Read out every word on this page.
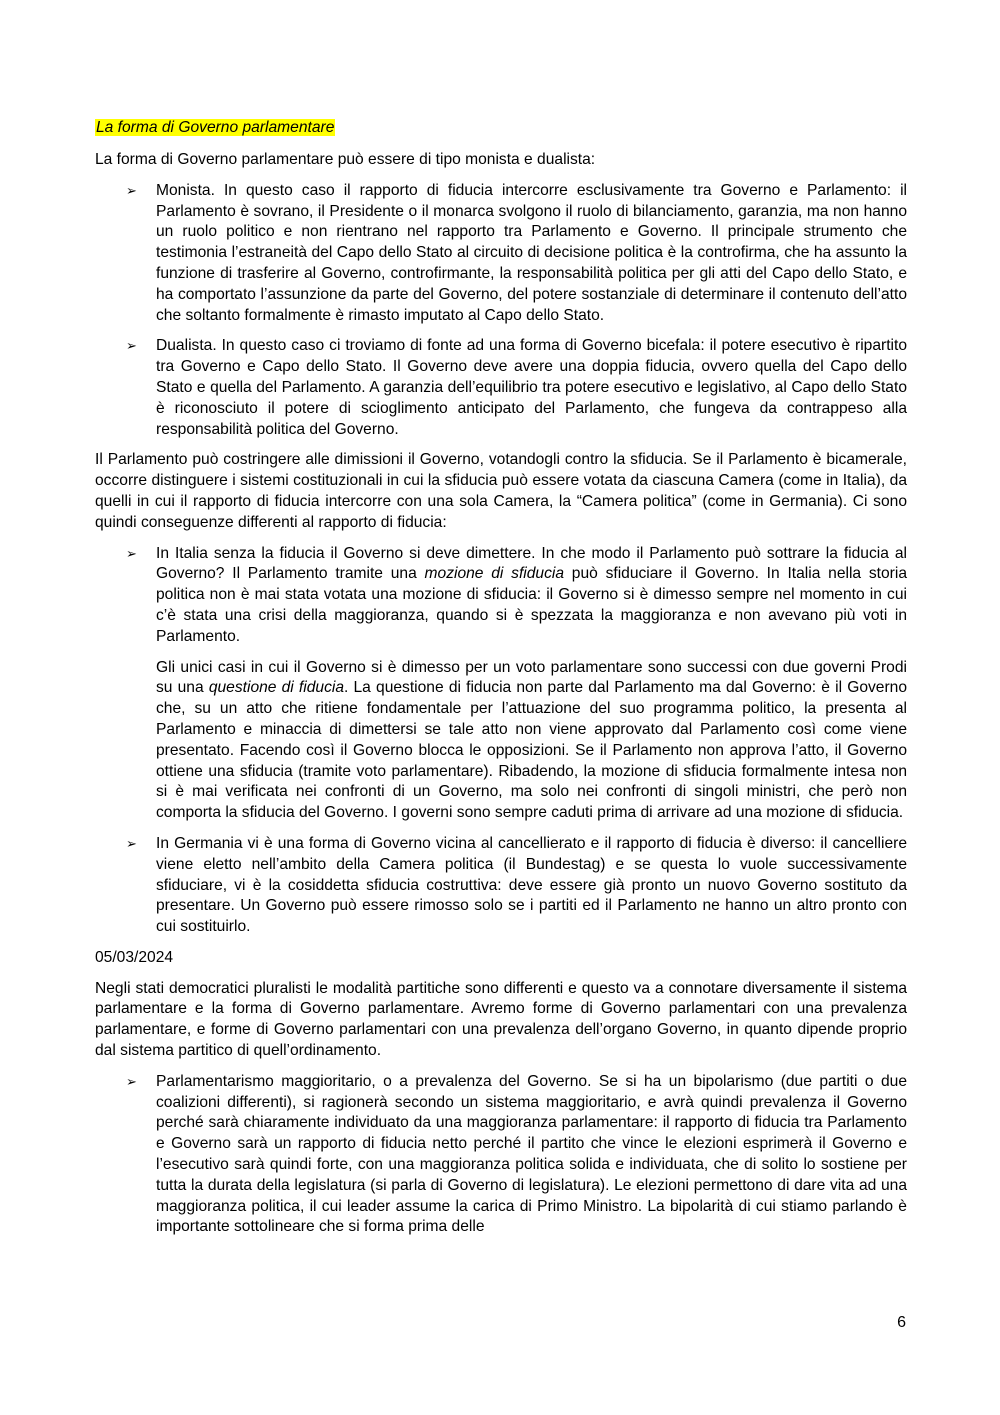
La forma di Governo parlamentare

La forma di Governo parlamentare può essere di tipo monista e dualista:

➢	Monista. In questo caso il rapporto di fiducia intercorre esclusivamente tra Governo e Parlamento: il Parlamento è sovrano, il Presidente o il monarca svolgono il ruolo di bilanciamento, garanzia, ma non hanno un ruolo politico e non rientrano nel rapporto tra Parlamento e Governo. Il principale strumento che testimonia l’estraneità del Capo dello Stato al circuito di decisione politica è la controfirma, che ha assunto la funzione di trasferire al Governo, controfirmante, la responsabilità politica per gli atti del Capo dello Stato, e ha comportato l’assunzione da parte del Governo, del potere sostanziale di determinare il contenuto dell’atto che soltanto formalmente è rimasto imputato al Capo dello Stato.

➢	Dualista. In questo caso ci troviamo di fonte ad una forma di Governo bicefala: il potere esecutivo è ripartito tra Governo e Capo dello Stato. Il Governo deve avere una doppia fiducia, ovvero quella del Capo dello Stato e quella del Parlamento. A garanzia dell’equilibrio tra potere esecutivo e legislativo, al Capo dello Stato è riconosciuto il potere di scioglimento anticipato del Parlamento, che fungeva da contrappeso alla responsabilità politica del Governo.

Il Parlamento può costringere alle dimissioni il Governo, votandogli contro la sfiducia. Se il Parlamento è bicamerale, occorre distinguere i sistemi costituzionali in cui la sfiducia può essere votata da ciascuna Camera (come in Italia), da quelli in cui il rapporto di fiducia intercorre con una sola Camera, la “Camera politica” (come in Germania). Ci sono quindi conseguenze differenti al rapporto di fiducia:

➢	In Italia senza la fiducia il Governo si deve dimettere. In che modo il Parlamento può sottrare la fiducia al Governo? Il Parlamento tramite una mozione di sfiducia può sfiduciare il Governo. In Italia nella storia politica non è mai stata votata una mozione di sfiducia: il Governo si è dimesso sempre nel momento in cui c’è stata una crisi della maggioranza, quando si è spezzata la maggioranza e non avevano più voti in Parlamento.

Gli unici casi in cui il Governo si è dimesso per un voto parlamentare sono successi con due governi Prodi su una questione di fiducia. La questione di fiducia non parte dal Parlamento ma dal Governo: è il Governo che, su un atto che ritiene fondamentale per l’attuazione del suo programma politico, la presenta al Parlamento e minaccia di dimettersi se tale atto non viene approvato dal Parlamento così come viene presentato. Facendo così il Governo blocca le opposizioni. Se il Parlamento non approva l’atto, il Governo ottiene una sfiducia (tramite voto parlamentare). Ribadendo, la mozione di sfiducia formalmente intesa non si è mai verificata nei confronti di un Governo, ma solo nei confronti di singoli ministri, che però non comporta la sfiducia del Governo. I governi sono sempre caduti prima di arrivare ad una mozione di sfiducia.

➢	In Germania vi è una forma di Governo vicina al cancellierato e il rapporto di fiducia è diverso: il cancelliere viene eletto nell’ambito della Camera politica (il Bundestag) e se questa lo vuole successivamente sfiduciare, vi è la cosiddetta sfiducia costruttiva: deve essere già pronto un nuovo Governo sostituto da presentare. Un Governo può essere rimosso solo se i partiti ed il Parlamento ne hanno un altro pronto con cui sostituirlo.

05/03/2024

Negli stati democratici pluralisti le modalità partitiche sono differenti e questo va a connotare diversamente il sistema parlamentare e la forma di Governo parlamentare. Avremo forme di Governo parlamentari con una prevalenza parlamentare, e forme di Governo parlamentari con una prevalenza dell’organo Governo, in quanto dipende proprio dal sistema partitico di quell’ordinamento.

➢	Parlamentarismo maggioritario, o a prevalenza del Governo. Se si ha un bipolarismo (due partiti o due coalizioni differenti), si ragionerà secondo un sistema maggioritario, e avrà quindi prevalenza il Governo perché sarà chiaramente individuato da una maggioranza parlamentare: il rapporto di fiducia tra Parlamento e Governo sarà un rapporto di fiducia netto perché il partito che vince le elezioni esprimerà il Governo e l’esecutivo sarà quindi forte, con una maggioranza politica solida e individuata, che di solito lo sostiene per tutta la durata della legislatura (si parla di Governo di legislatura). Le elezioni permettono di dare vita ad una maggioranza politica, il cui leader assume la carica di Primo Ministro. La bipolarità di cui stiamo parlando è importante sottolineare che si forma prima delle

6
